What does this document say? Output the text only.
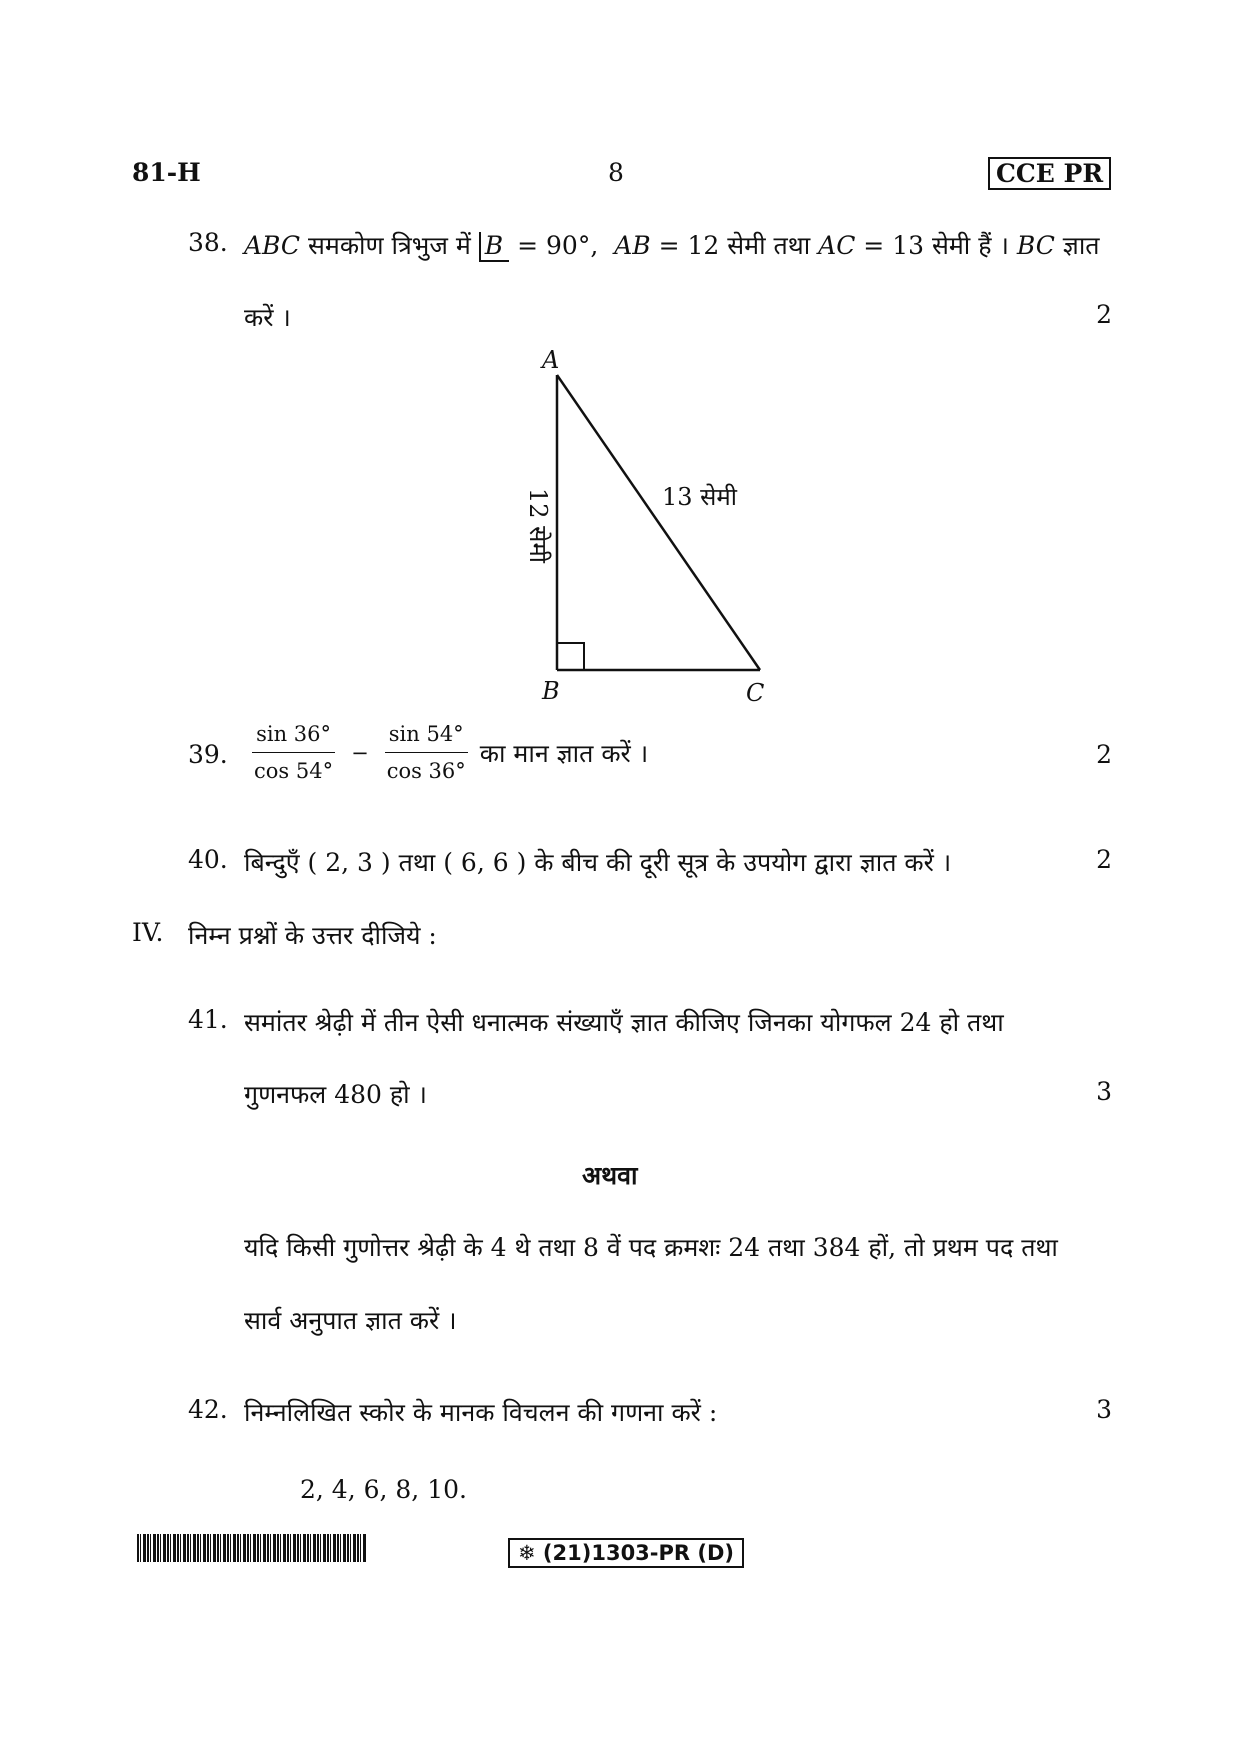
81-H	8	CCE PR
38. ABC समकोण त्रिभुज में B = 90°, AB = 12 सेमी तथा AC = 13 सेमी हैं । BC ज्ञात
करें ।	2
A
B	C
13 सेमी
12 सेमी
39. $\frac{\sin 36^\circ}{\cos 54^\circ} - \frac{\sin 54^\circ}{\cos 36^\circ}$ का मान ज्ञात करें ।	2
40. बिन्दुएँ ( 2, 3 ) तथा ( 6, 6 ) के बीच की दूरी सूत्र के उपयोग द्वारा ज्ञात करें ।	2
IV. निम्न प्रश्नों के उत्तर दीजिये :
41. समांतर श्रेढ़ी में तीन ऐसी धनात्मक संख्याएँ ज्ञात कीजिए जिनका योगफल 24 हो तथा
गुणनफल 480 हो ।	3
अथवा
यदि किसी गुणोत्तर श्रेढ़ी के 4 थे तथा 8 वें पद क्रमशः 24 तथा 384 हों, तो प्रथम पद तथा
सार्व अनुपात ज्ञात करें ।
42. निम्नलिखित स्कोर के मानक विचलन की गणना करें :	3
2, 4, 6, 8, 10.
❄ (21)1303-PR (D)
